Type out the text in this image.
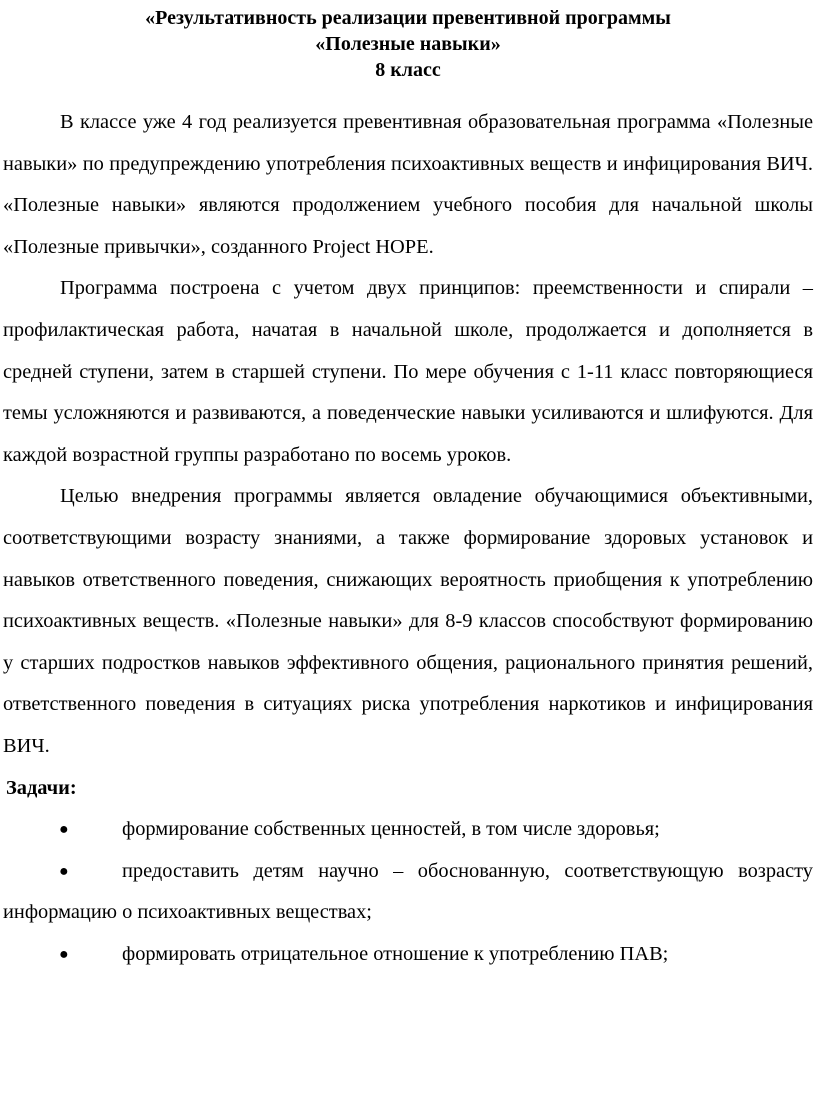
«Результативность реализации превентивной программы
«Полезные навыки»
8 класс

В классе уже 4 год реализуется превентивная образовательная программа «Полезные навыки» по предупреждению употребления психоактивных веществ и инфицирования ВИЧ. «Полезные навыки» являются продолжением учебного пособия для начальной школы «Полезные привычки», созданного Project HOPE.

Программа построена с учетом двух принципов: преемственности и спирали – профилактическая работа, начатая в начальной школе, продолжается и дополняется в средней ступени, затем в старшей ступени. По мере обучения с 1-11 класс повторяющиеся темы усложняются и развиваются, а поведенческие навыки усиливаются и шлифуются. Для каждой возрастной группы разработано по восемь уроков.

Целью внедрения программы является овладение обучающимися объективными, соответствующими возрасту знаниями, а также формирование здоровых установок и навыков ответственного поведения, снижающих вероятность приобщения к употреблению психоактивных веществ. «Полезные навыки» для 8-9 классов способствуют формированию у старших подростков навыков эффективного общения, рационального принятия решений, ответственного поведения в ситуациях риска употребления наркотиков и инфицирования ВИЧ.

Задачи:

●	формирование собственных ценностей, в том числе здоровья;

●	предоставить детям научно – обоснованную, соответствующую возрасту информацию о психоактивных веществах;

●	формировать отрицательное отношение к употреблению ПАВ;
